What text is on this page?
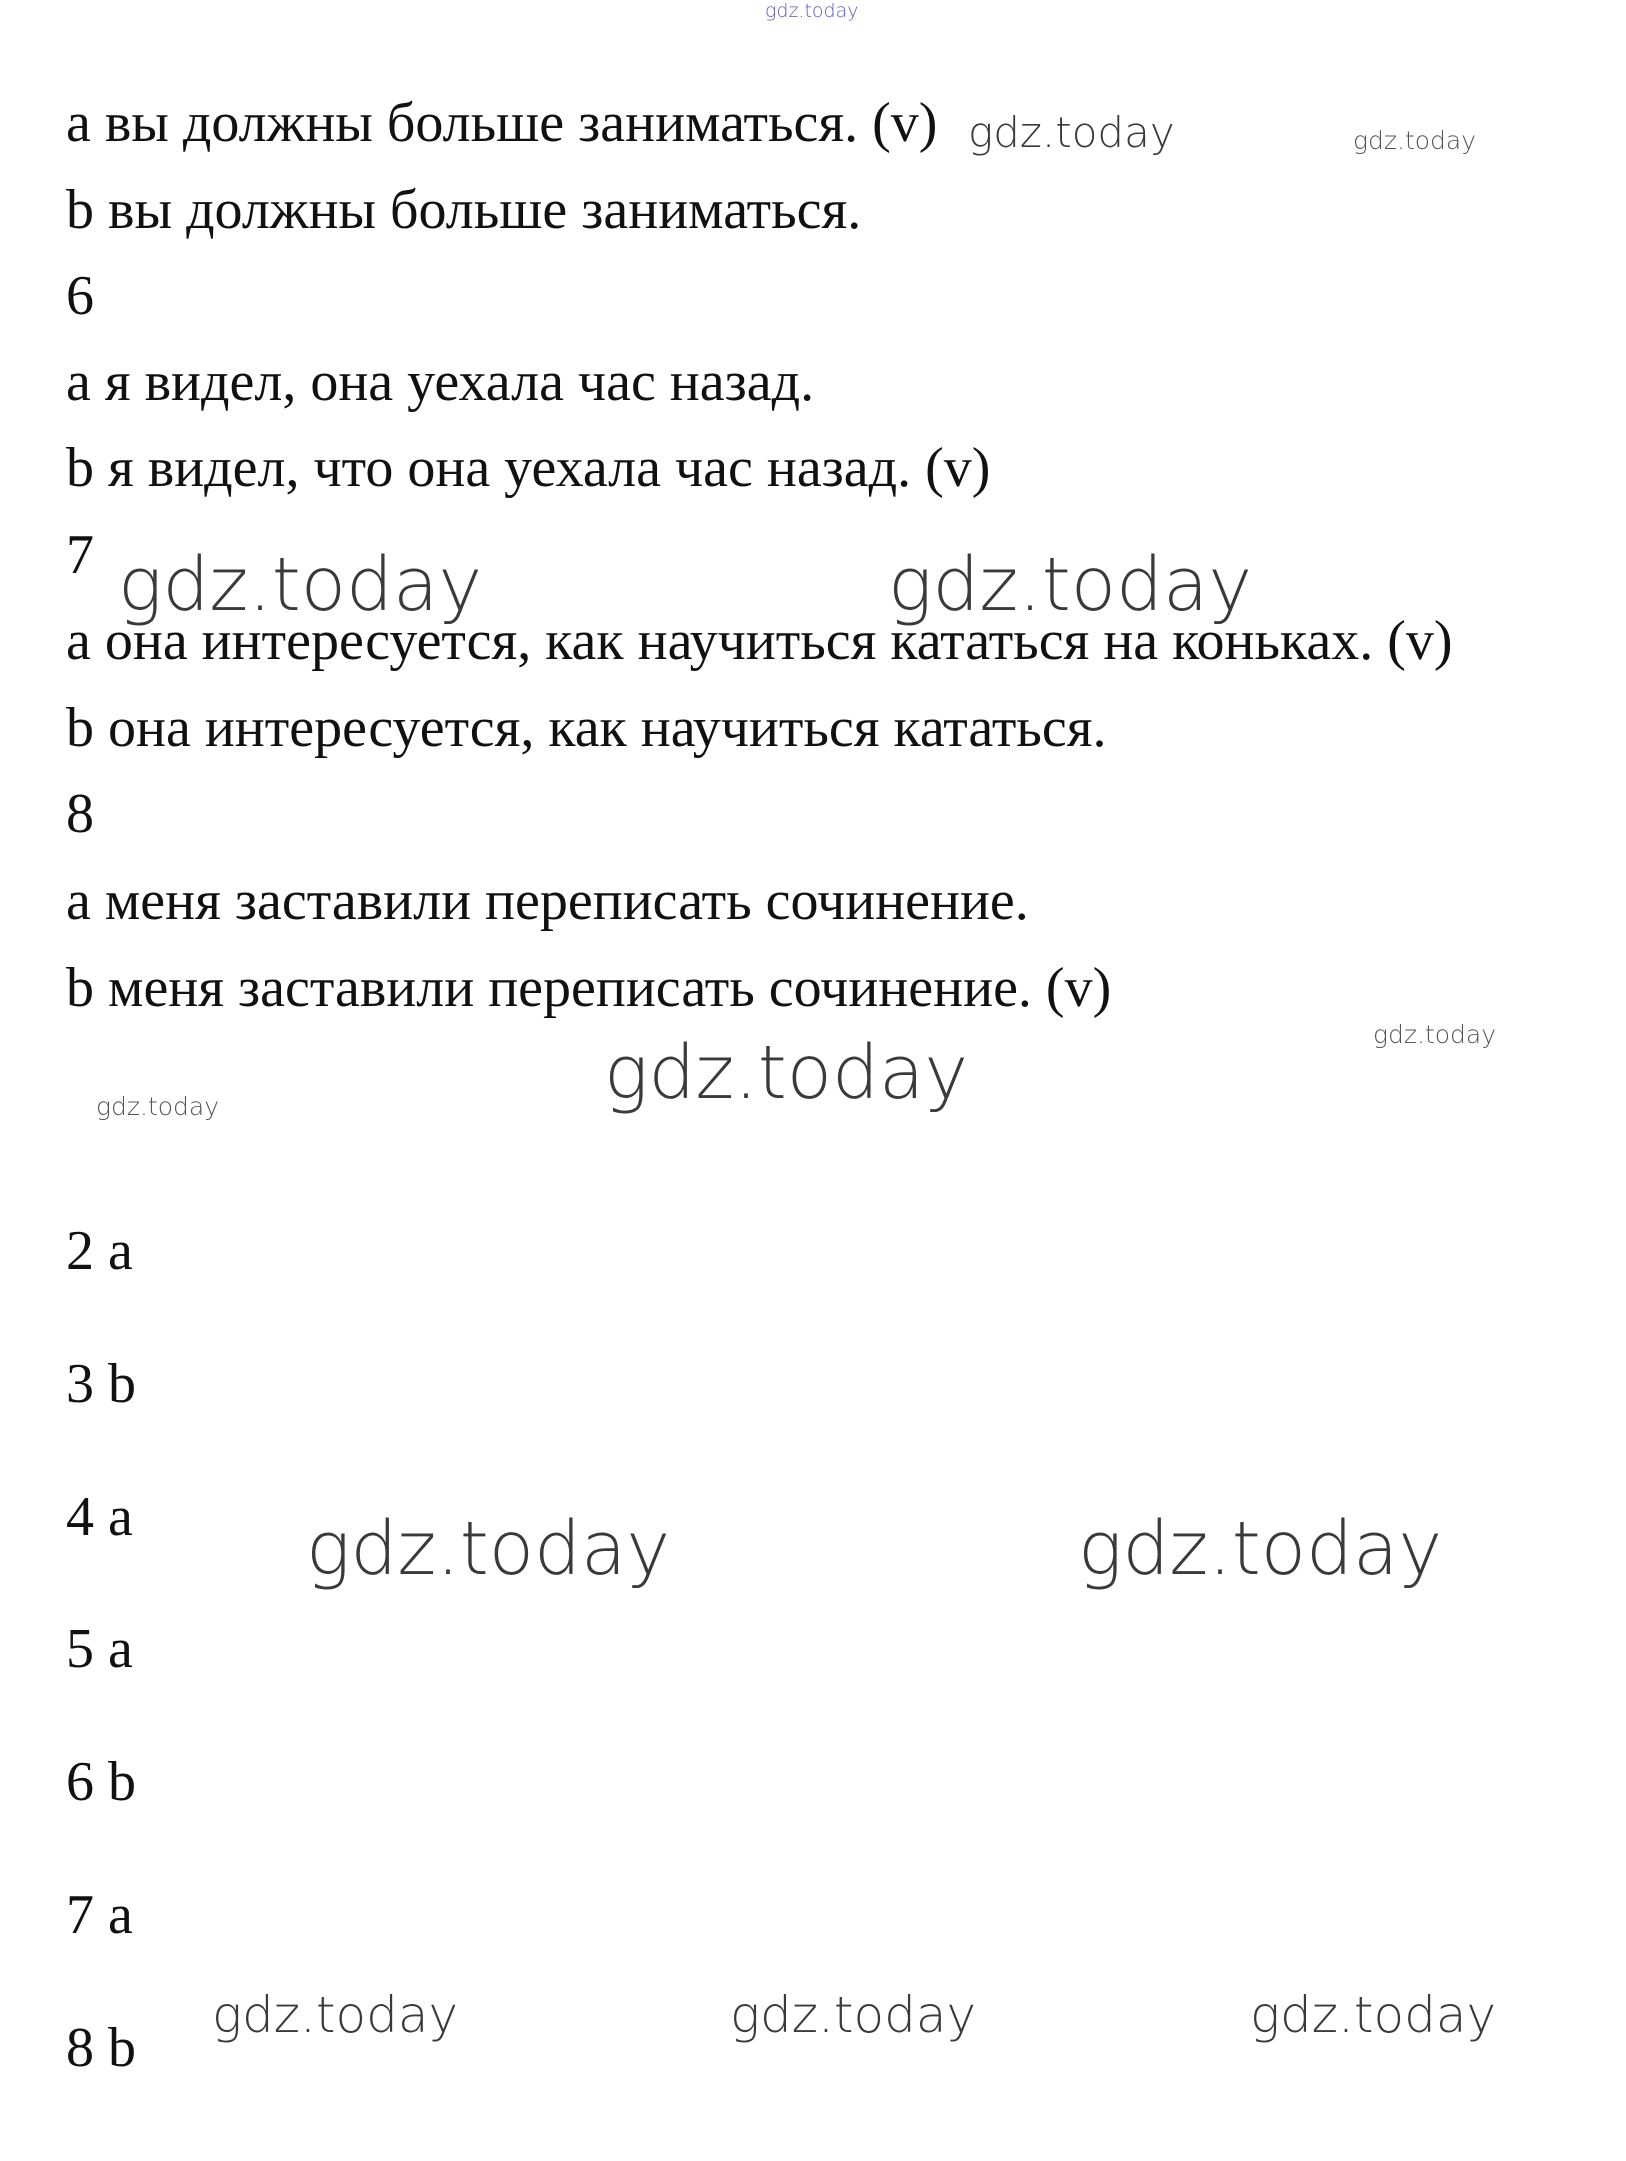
gdz.today
a вы должны больше заниматься. (v)
b вы должны больше заниматься.
6
a я видел, она уехала час назад.
b я видел, что она уехала час назад. (v)
7
a она интересуется, как научиться кататься на коньках. (v)
b она интересуется, как научиться кататься.
8
a меня заставили переписать сочинение.
b меня заставили переписать сочинение. (v)
2 a
3 b
4 a
5 a
6 b
7 a
8 b
gdz.today	gdz.today
gdz.today	gdz.today
gdz.today
gdz.today
gdz.today
gdz.today	gdz.today
gdz.today	gdz.today	gdz.today
